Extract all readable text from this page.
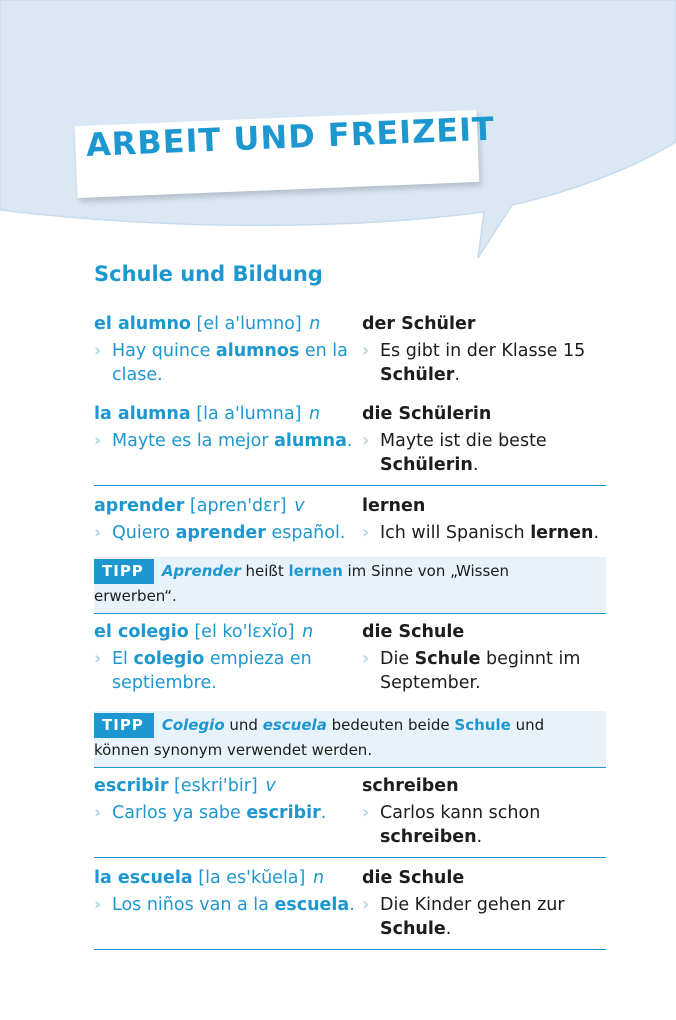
ARBEIT UND FREIZEIT
Schule und Bildung
el alumno [el a'lumno] n
› Hay quince alumnos en la clase.
der Schüler
› Es gibt in der Klasse 15 Schüler.
la alumna [la a'lumna] n
› Mayte es la mejor alumna.
die Schülerin
› Mayte ist die beste Schülerin.
aprender [apren'dɛr] v
› Quiero aprender español.
lernen
› Ich will Spanisch lernen.
TIPP Aprender heißt lernen im Sinne von „Wissen erwerben“.
el colegio [el ko'lɛxĭo] n
› El colegio empieza en septiembre.
die Schule
› Die Schule beginnt im September.
TIPP Colegio und escuela bedeuten beide Schule und können synonym verwendet werden.
escribir [eskri'bir] v
› Carlos ya sabe escribir.
schreiben
› Carlos kann schon schreiben.
la escuela [la es'kŭela] n
› Los niños van a la escuela.
die Schule
› Die Kinder gehen zur Schule.
